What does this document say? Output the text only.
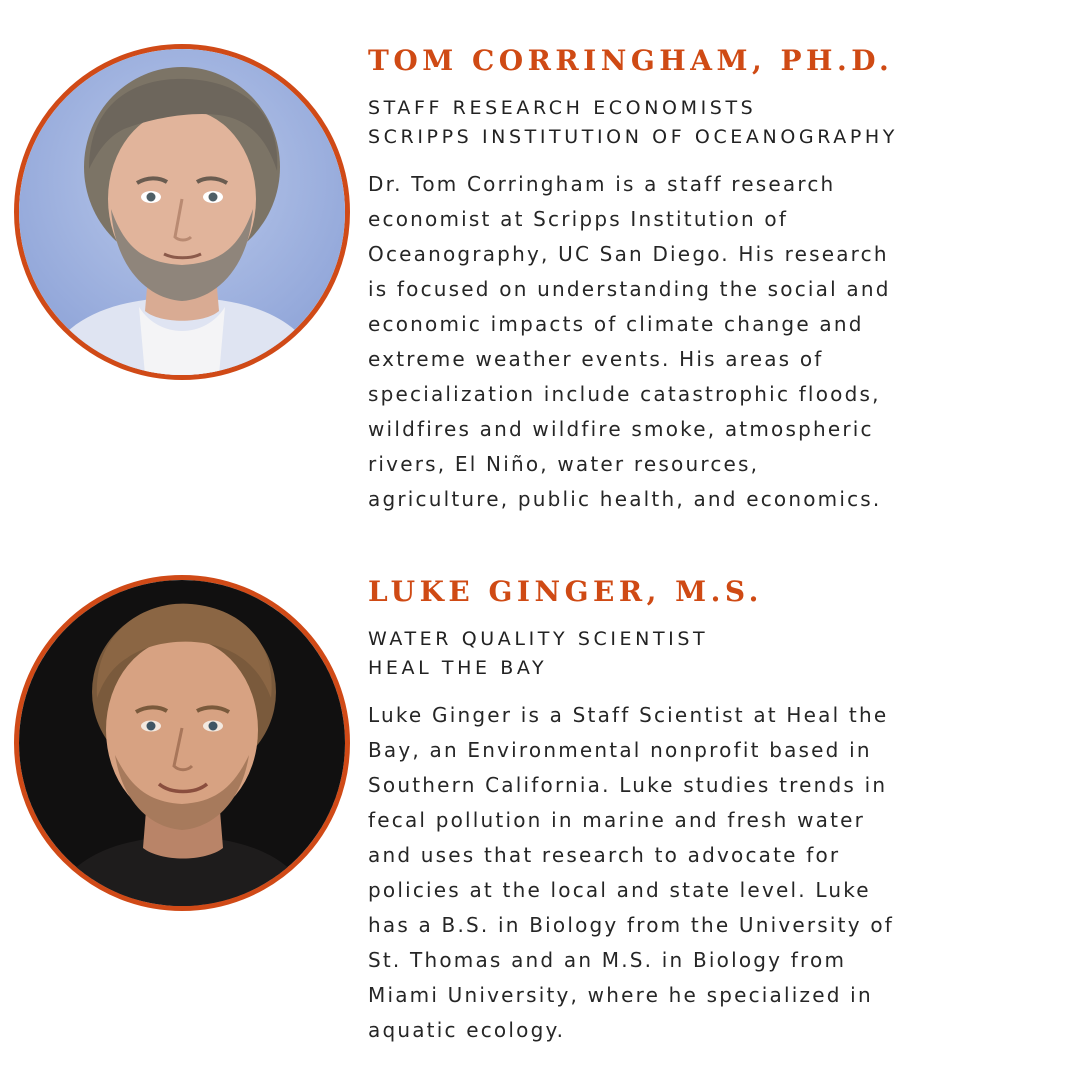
TOM CORRINGHAM, PH.D.
STAFF RESEARCH ECONOMISTS
SCRIPPS INSTITUTION OF OCEANOGRAPHY
Dr. Tom Corringham is a staff research
economist at Scripps Institution of
Oceanography, UC San Diego. His research
is focused on understanding the social and
economic impacts of climate change and
extreme weather events. His areas of
specialization include catastrophic floods,
wildfires and wildfire smoke, atmospheric
rivers, El Niño, water resources,
agriculture, public health, and economics.
LUKE GINGER, M.S.
WATER QUALITY SCIENTIST
HEAL THE BAY
Luke Ginger is a Staff Scientist at Heal the
Bay, an Environmental nonprofit based in
Southern California. Luke studies trends in
fecal pollution in marine and fresh water
and uses that research to advocate for
policies at the local and state level. Luke
has a B.S. in Biology from the University of
St. Thomas and an M.S. in Biology from
Miami University, where he specialized in
aquatic ecology.
